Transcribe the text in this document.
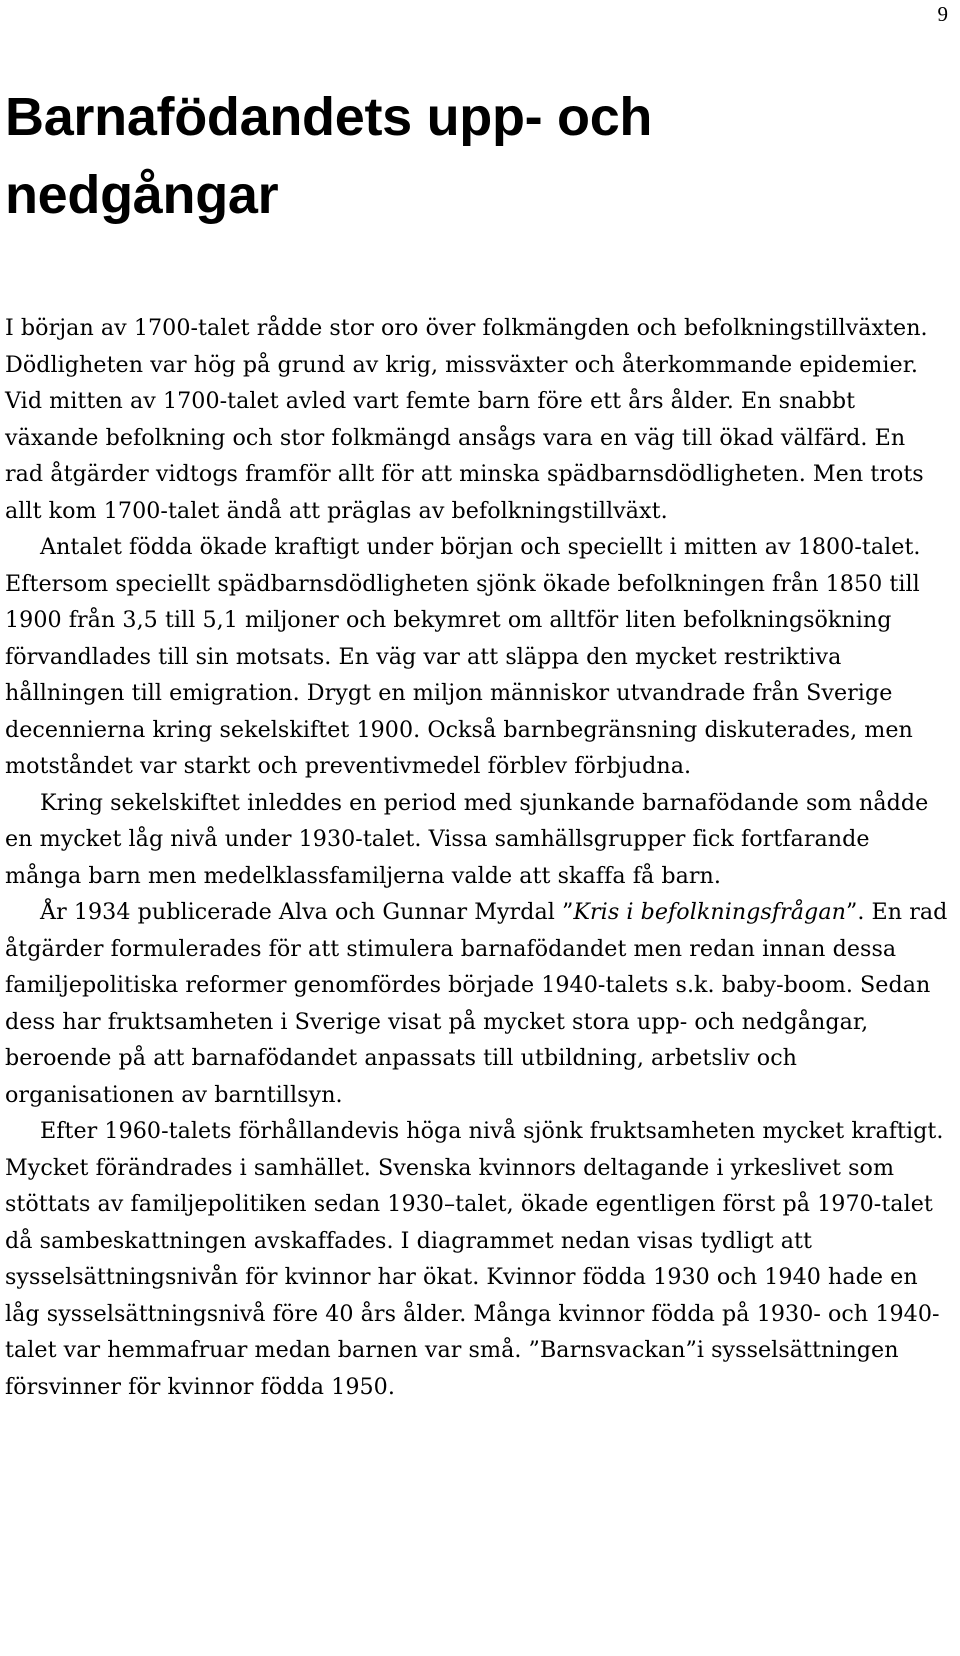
9
Barnafödandets upp- och
nedgångar

I början av 1700-talet rådde stor oro över folkmängden och befolkningstillväxten. Dödligheten var hög på grund av krig, missväxter och återkommande epidemier. Vid mitten av 1700-talet avled vart femte barn före ett års ålder. En snabbt växande befolkning och stor folkmängd ansågs vara en väg till ökad välfärd. En rad åtgärder vidtogs framför allt för att minska spädbarnsdödligheten. Men trots allt kom 1700-talet ändå att präglas av befolkningstillväxt.

Antalet födda ökade kraftigt under början och speciellt i mitten av 1800-talet. Eftersom speciellt spädbarnsdödligheten sjönk ökade befolkningen från 1850 till 1900 från 3,5 till 5,1 miljoner och bekymret om alltför liten befolkningsökning förvandlades till sin motsats. En väg var att släppa den mycket restriktiva hållningen till emigration. Drygt en miljon människor utvandrade från Sverige decennierna kring sekelskiftet 1900. Också barnbegränsning diskuterades, men motståndet var starkt och preventivmedel förblev förbjudna.

Kring sekelskiftet inleddes en period med sjunkande barnafödande som nådde en mycket låg nivå under 1930-talet. Vissa samhällsgrupper fick fortfarande många barn men medelklassfamiljerna valde att skaffa få barn.

År 1934 publicerade Alva och Gunnar Myrdal ”Kris i befolkningsfrågan”. En rad åtgärder formulerades för att stimulera barnafödandet men redan innan dessa familjepolitiska reformer genomfördes började 1940-talets s.k. baby-boom. Sedan dess har fruktsamheten i Sverige visat på mycket stora upp- och nedgångar, beroende på att barnafödandet anpassats till utbildning, arbetsliv och organisationen av barntillsyn.

Efter 1960-talets förhållandevis höga nivå sjönk fruktsamheten mycket kraftigt. Mycket förändrades i samhället. Svenska kvinnors deltagande i yrkeslivet som stöttats av familjepolitiken sedan 1930–talet, ökade egentligen först på 1970-talet då sambeskattningen avskaffades. I diagrammet nedan visas tydligt att sysselsättningsnivån för kvinnor har ökat. Kvinnor födda 1930 och 1940 hade en låg sysselsättningsnivå före 40 års ålder. Många kvinnor födda på 1930- och 1940-talet var hemmafruar medan barnen var små. ”Barnsvackan”i sysselsättningen försvinner för kvinnor födda 1950.
